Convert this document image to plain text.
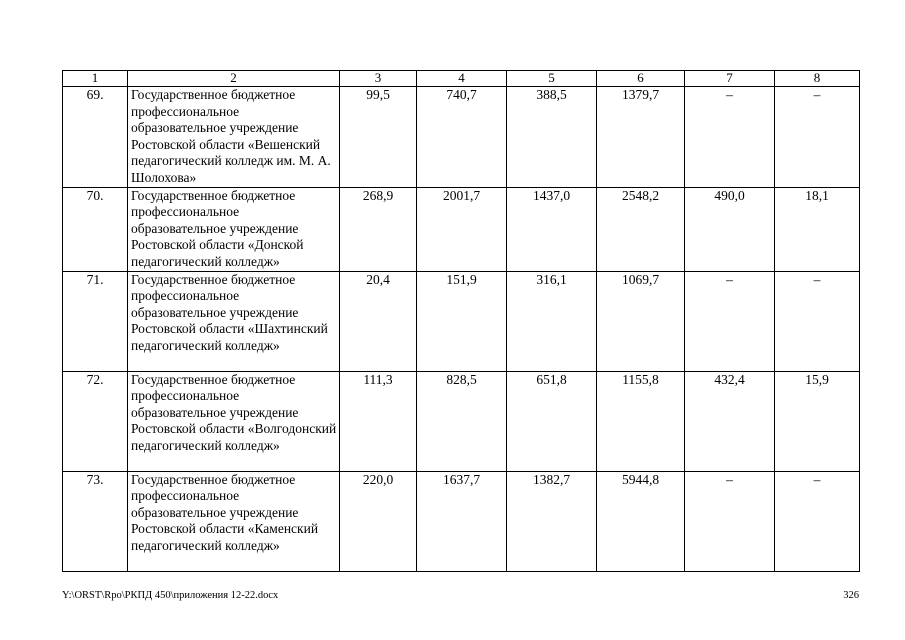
1	2	3	4	5	6	7	8
69.	Государственное бюджетное профессиональное образовательное учреждение Ростовской области «Вешенский педагогический колледж им. М. А. Шолохова»	99,5	740,7	388,5	1379,7	–	–
70.	Государственное бюджетное профессиональное образовательное учреждение Ростовской области «Донской педагогический колледж»	268,9	2001,7	1437,0	2548,2	490,0	18,1
71.	Государственное бюджетное профессиональное образовательное учреждение Ростовской области «Шахтинский педагогический колледж»	20,4	151,9	316,1	1069,7	–	–
72.	Государственное бюджетное профессиональное образовательное учреждение Ростовской области «Волгодонский педагогический колледж»	111,3	828,5	651,8	1155,8	432,4	15,9
73.	Государственное бюджетное профессиональное образовательное учреждение Ростовской области «Каменский педагогический колледж»	220,0	1637,7	1382,7	5944,8	–	–
Y:\ORST\Rpo\РКПД 450\приложения 12-22.docx	326
